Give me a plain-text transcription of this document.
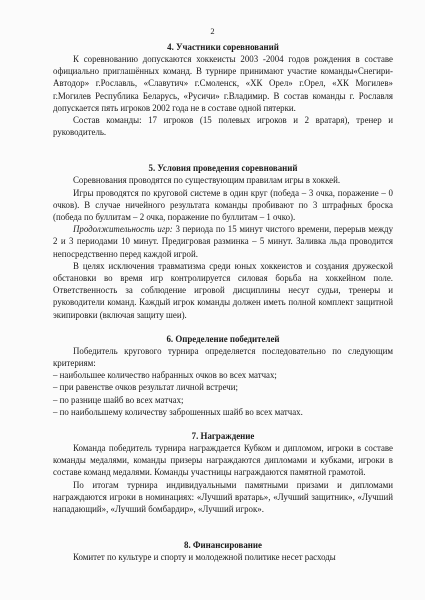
2
4. Участники соревнований

К соревнованию допускаются хоккеисты 2003 -2004 годов рождения в составе официально приглашённых команд. В турнире принимают участие команды«Снегири-Автодор» г.Рославль, «Славутич» г.Смоленск, «ХК Орел» г.Орел, «ХК Могилев» г.Могилев Республика Беларусь, «Русичи» г.Владимир. В состав команды г. Рославля допускается пять игроков 2002 года не в составе одной пятерки.

Состав команды: 17 игроков (15 полевых игроков и 2 вратаря), тренер и руководитель.

5. Условия проведения соревнований

Соревнования проводятся по существующим правилам игры в хоккей.

Игры проводятся по круговой системе в один круг (победа – 3 очка, поражение – 0 очков). В случае ничейного результата команды пробивают по 3 штрафных броска (победа по буллитам – 2 очка, поражение по буллитам – 1 очко).

Продолжительность игр: 3 периода по 15 минут чистого времени, перерыв между 2 и 3 периодами 10 минут. Предигровая разминка – 5 минут. Заливка льда проводится непосредственно перед каждой игрой.

В целях исключения травматизма среди юных хоккеистов и создания дружеской обстановки во время игр контролируется силовая борьба на хоккейном поле. Ответственность за соблюдение игровой дисциплины несут судьи, тренеры и руководители команд. Каждый игрок команды должен иметь полной комплект защитной экипировки (включая защиту шеи).

6. Определение победителей

Победитель кругового турнира определяется последовательно по следующим критериям:

– наибольшее количество набранных очков во всех матчах;
– при равенстве очков результат личной встречи;
– по разнице шайб во всех матчах;
– по наибольшему количеству заброшенных шайб во всех матчах.
7. Награждение

Команда победитель турнира награждается Кубком и дипломом, игроки в составе команды медалями, команды призеры награждаются дипломами и кубками, игроки в составе команд медалями. Команды участницы награждаются памятной грамотой.

По итогам турнира индивидуальными памятными призами и дипломами награждаются игроки в номинациях: «Лучший вратарь», «Лучший защитник», «Лучший нападающий», «Лучший бомбардир», «Лучший игрок».

8. Финансирование

Комитет по культуре и спорту и молодежной политике несет расходы
